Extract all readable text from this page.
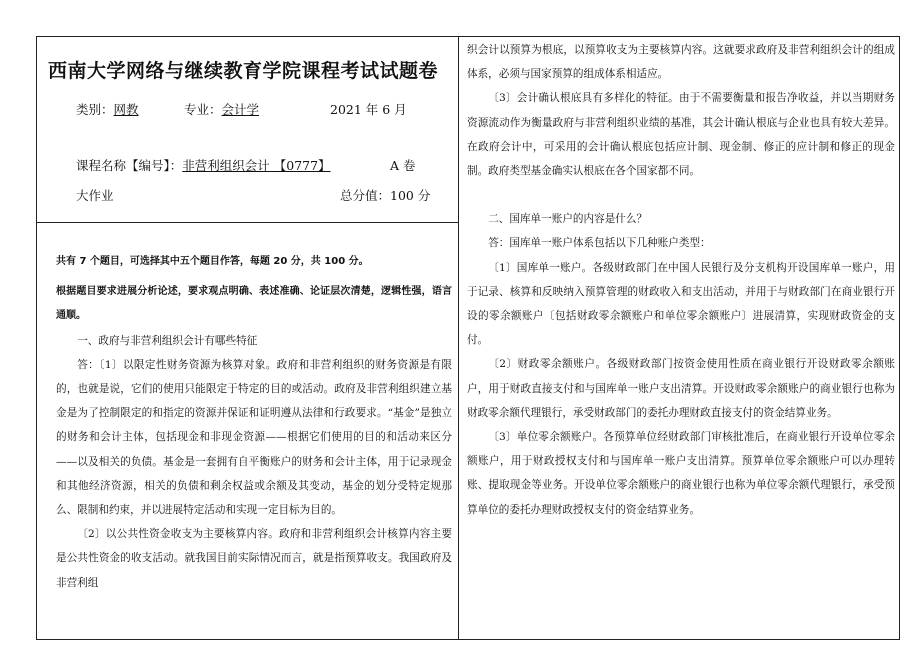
西南大学网络与继续教育学院课程考试试题卷
类别：网教	专业：会计学	2021 年 6 月
课程名称【编号】：非营利组织会计 【0777】	A 卷
大作业	总分值：100 分

共有 7 个题目，可选择其中五个题目作答，每题 20 分，共 100 分。

根据题目要求进展分析论述，要求观点明确、表述准确、论证层次清楚，逻辑性强，语言通顺。

一、政府与非营利组织会计有哪些特征

答：〔1〕以限定性财务资源为核算对象。政府和非营利组织的财务资源是有限的，也就是说，它们的使用只能限定于特定的目的或活动。政府及非营利组织建立基金是为了控制限定的和指定的资源并保证和证明遵从法律和行政要求。“基金”是独立的财务和会计主体，包括现金和非现金资源——根据它们使用的目的和活动来区分——以及相关的负债。基金是一套拥有自平衡账户的财务和会计主体，用于记录现金和其他经济资源，相关的负债和剩余权益或余额及其变动，基金的划分受特定规那么、限制和约束，并以进展特定活动和实现一定目标为目的。

〔2〕以公共性资金收支为主要核算内容。政府和非营利组织会计核算内容主要是公共性资金的收支活动。就我国目前实际情况而言，就是指预算收支。我国政府及非营利组

织会计以预算为根底，以预算收支为主要核算内容。这就要求政府及非营利组织会计的组成体系，必须与国家预算的组成体系相适应。

〔3〕会计确认根底具有多样化的特征。由于不需要衡量和报告净收益，并以当期财务资源流动作为衡量政府与非营利组织业绩的基准，其会计确认根底与企业也具有较大差异。在政府会计中，可采用的会计确认根底包括应计制、现金制、修正的应计制和修正的现金制。政府类型基金确实认根底在各个国家都不同。

二、国库单一账户的内容是什么？

答：国库单一账户体系包括以下几种账户类型：

〔1〕国库单一账户。各级财政部门在中国人民银行及分支机构开设国库单一账户，用于记录、核算和反映纳入预算管理的财政收入和支出活动，并用于与财政部门在商业银行开设的零余额账户〔包括财政零余额账户和单位零余额账户〕进展清算，实现财政资金的支付。

〔2〕财政零余额账户。各级财政部门按资金使用性质在商业银行开设财政零余额账户，用于财政直接支付和与国库单一账户支出清算。开设财政零余额账户的商业银行也称为财政零余额代理银行，承受财政部门的委托办理财政直接支付的资金结算业务。

〔3〕单位零余额账户。各预算单位经财政部门审核批准后，在商业银行开设单位零余额账户，用于财政授权支付和与国库单一账户支出清算。预算单位零余额账户可以办理转账、提取现金等业务。开设单位零余额账户的商业银行也称为单位零余额代理银行，承受预算单位的委托办理财政授权支付的资金结算业务。
